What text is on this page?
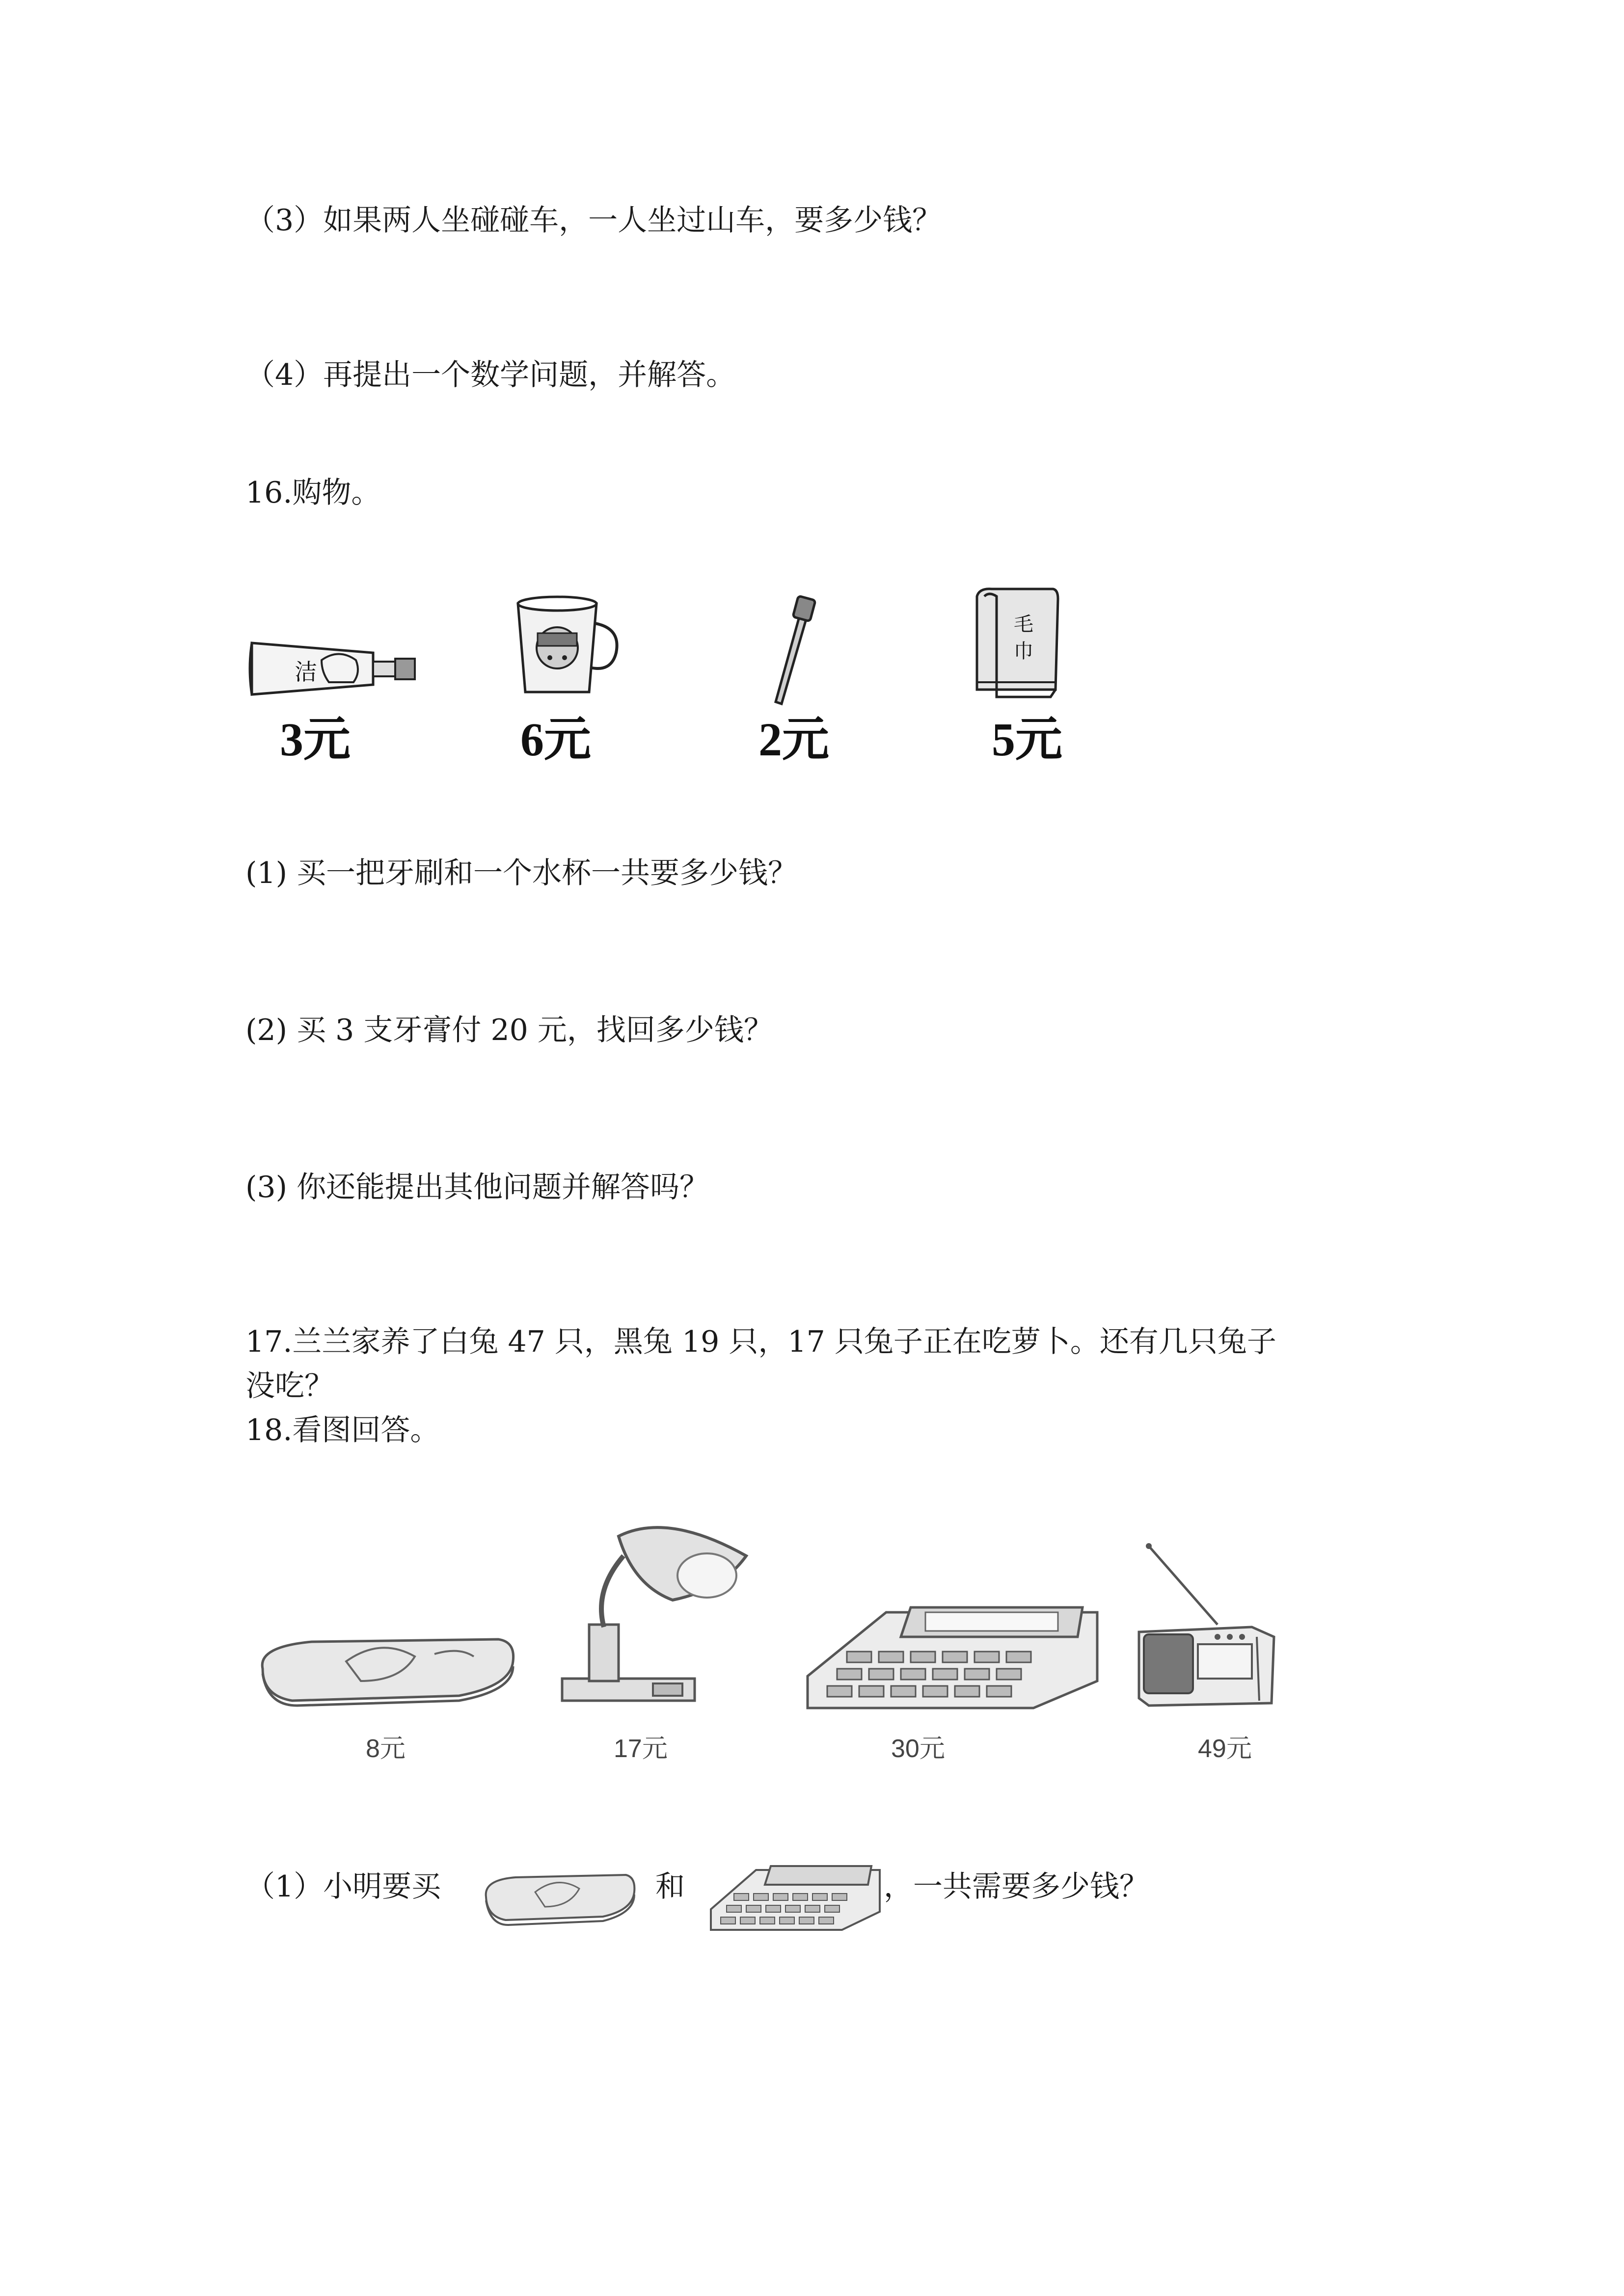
（3）如果两人坐碰碰车，一人坐过山车，要多少钱？
（4）再提出一个数学问题，并解答。
16.购物。
洁
3元	6元	2元
毛
巾
5元
(1) 买一把牙刷和一个水杯一共要多少钱？
(2) 买 3 支牙膏付 20 元，找回多少钱？
(3) 你还能提出其他问题并解答吗？
17.兰兰家养了白兔 47 只，黑兔 19 只，17 只兔子正在吃萝卜。还有几只兔子
没吃？
18.看图回答。
8元	17元	30元	49元
（1）小明要买	和	，一共需要多少钱？
